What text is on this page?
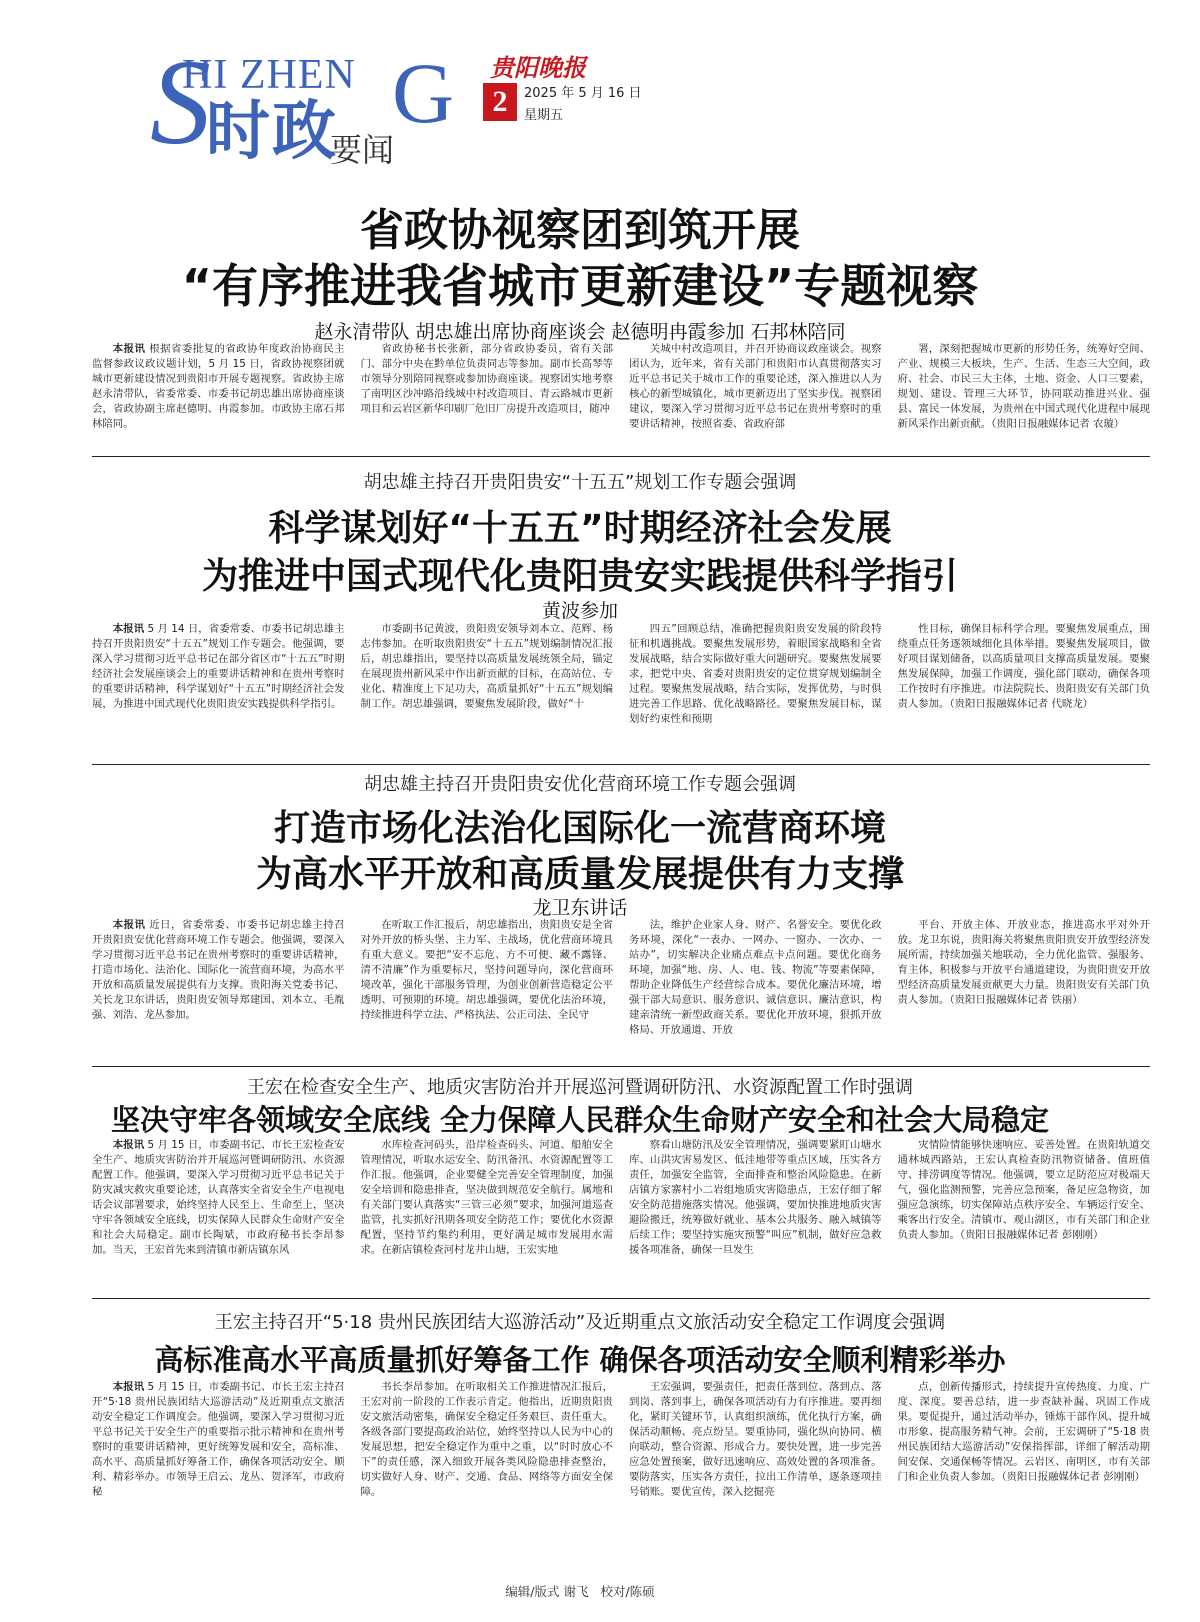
S
HI ZHEN G
时政
要闻
贵阳晚报
2	2025 年 5 月 16 日
星期五
省政协视察团到筑开展
“有序推进我省城市更新建设”专题视察
赵永清带队 胡忠雄出席协商座谈会 赵德明冉霞参加 石邦林陪同
本报讯 根据省委批复的省政协年度政治协商民主监督参政议政议题计划，5 月 15 日，省政协视察团就城市更新建设情况到贵阳市开展专题视察。省政协主席赵永清带队，省委常委、市委书记胡忠雄出席协商座谈会，省政协副主席赵德明、冉霞参加。市政协主席石邦林陪同。
省政协秘书长张新，部分省政协委员，省有关部门、部分中央在黔单位负责同志等参加。副市长高琴等市领导分别陪同视察或参加协商座谈。视察团实地考察了南明区沙冲路沿线城中村改造项目、青云路城市更新项目和云岩区新华印刷厂危旧厂房提升改造项目，随冲
关城中村改造项目，并召开协商议政座谈会。视察团认为，近年来，省有关部门和贵阳市认真贯彻落实习近平总书记关于城市工作的重要论述，深入推进以人为核心的新型城镇化，城市更新迈出了坚实步伐。视察团建议，要深入学习贯彻习近平总书记在贵州考察时的重要讲话精神，按照省委、省政府部
署，深刻把握城市更新的形势任务，统筹好空间、产业、规模三大板块，生产、生活、生态三大空间，政府、社会、市民三大主体，土地、资金、人口三要素，规划、建设、管理三大环节，协同联动推进兴业、强县、富民一体发展，为贵州在中国式现代化进程中展现新风采作出新贡献。（贵阳日报融媒体记者 农璇）
胡忠雄主持召开贵阳贵安“十五五”规划工作专题会强调
科学谋划好“十五五”时期经济社会发展
为推进中国式现代化贵阳贵安实践提供科学指引
黄波参加
本报讯 5 月 14 日，省委常委、市委书记胡忠雄主持召开贵阳贵安“十五五”规划工作专题会。他强调，要深入学习贯彻习近平总书记在部分省区市“十五五”时期经济社会发展座谈会上的重要讲话精神和在贵州考察时的重要讲话精神，科学谋划好“十五五”时期经济社会发展，为推进中国式现代化贵阳贵安实践提供科学指引。
市委副书记黄波，贵阳贵安领导刘本立、范辉、杨志伟参加。在听取贵阳贵安“十五五”规划编制情况汇报后，胡忠雄指出，要坚持以高质量发展统领全局，锚定在展现贵州新风采中作出新贡献的目标，在高站位、专业化、精准度上下足功夫，高质量抓好“十五五”规划编制工作。胡忠雄强调，要聚焦发展阶段，做好“十
四五”回顾总结，准确把握贵阳贵安发展的阶段特征和机遇挑战。要聚焦发展形势，着眼国家战略和全省发展战略，结合实际做好重大问题研究。要聚焦发展要求，把党中央、省委对贵阳贵安的定位贯穿规划编制全过程。要聚焦发展战略，结合实际，发挥优势，与时俱进完善工作思路、优化战略路径。要聚焦发展目标，谋划好约束性和预期
性目标，确保目标科学合理。要聚焦发展重点，围绕重点任务逐领域细化具体举措。要聚焦发展项目，做好项目谋划储备，以高质量项目支撑高质量发展。要聚焦发展保障，加强工作调度，强化部门联动，确保各项工作按时有序推进。市法院院长、贵阳贵安有关部门负责人参加。（贵阳日报融媒体记者 代晓龙）
胡忠雄主持召开贵阳贵安优化营商环境工作专题会强调
打造市场化法治化国际化一流营商环境
为高水平开放和高质量发展提供有力支撑
龙卫东讲话
本报讯 近日，省委常委、市委书记胡忠雄主持召开贵阳贵安优化营商环境工作专题会。他强调，要深入学习贯彻习近平总书记在贵州考察时的重要讲话精神，打造市场化、法治化、国际化一流营商环境，为高水平开放和高质量发展提供有力支撑。贵阳海关党委书记、关长龙卫东讲话，贵阳贵安领导郑建国、刘本立、毛胤强、刘浩、龙丛参加。
在听取工作汇报后，胡忠雄指出，贵阳贵安是全省对外开放的桥头堡、主力军、主战场，优化营商环境具有重大意义。要把“安不忘危、方不可便、藏不露锋、清不清廉”作为重要标尺，坚持问题导向，深化营商环境改革，强化干部服务管理，为创业创新营造稳定公平透明、可预期的环境。胡忠雄强调，要优化法治环境，持续推进科学立法、严格执法、公正司法、全民守
法，维护企业家人身、财产、名誉安全。要优化政务环境，深化“一表办、一网办、一窗办、一次办、一站办”，切实解决企业痛点难点卡点问题。要优化商务环境，加强“地、房、人、电、钱、物流”等要素保障，帮助企业降低生产经营综合成本。要优化廉洁环境，增强干部大局意识、服务意识、诚信意识、廉洁意识，构建亲清统一新型政商关系。要优化开放环境，狠抓开放格局、开放通道、开放
平台、开放主体、开放业态，推进高水平对外开放。龙卫东说，贵阳海关将聚焦贵阳贵安开放型经济发展所需，持续加强关地联动，全力优化监管、强服务、育主体，积极参与开放平台通道建设，为贵阳贵安开放型经济高质量发展贡献更大力量。贵阳贵安有关部门负责人参加。（贵阳日报融媒体记者 铁丽）
王宏在检查安全生产、地质灾害防治并开展巡河暨调研防汛、水资源配置工作时强调
坚决守牢各领域安全底线 全力保障人民群众生命财产安全和社会大局稳定
本报讯 5 月 15 日，市委副书记、市长王宏检查安全生产、地质灾害防治并开展巡河暨调研防汛、水资源配置工作。他强调，要深入学习贯彻习近平总书记关于防灾减灾救灾重要论述，认真落实全省安全生产电视电话会议部署要求，始终坚持人民至上、生命至上，坚决守牢各领域安全底线，切实保障人民群众生命财产安全和社会大局稳定。副市长陶斌，市政府秘书长李昂参加。当天，王宏首先来到清镇市新店镇东风
水库检查河码头，沿岸检查码头、河道、船舶安全管理情况，听取水运安全、防汛备汛、水资源配置等工作汇报。他强调，企业要健全完善安全管理制度，加强安全培训和隐患排查，坚决做到规范安全航行。属地和有关部门要认真落实“三管三必须”要求，加强河道巡查监管，扎实抓好汛期各项安全防范工作；要优化水资源配置，坚持节约集约利用，更好满足城市发展用水需求。在新店镇检查河村龙井山塘，王宏实地
察看山塘防汛及安全管理情况，强调要紧盯山塘水库、山洪灾害易发区、低洼地带等重点区域，压实各方责任，加强安全监管，全面排查和整治风险隐患。在新店镇方家寨村小二岩组地质灾害隐患点，王宏仔细了解安全防范措施落实情况。他强调，要加快推进地质灾害避险搬迁，统筹做好就业、基本公共服务、融入城镇等后续工作；要坚持实施灾预警“叫应”机制，做好应急救援各项准备，确保一旦发生
灾情险情能够快速响应、妥善处置。在贵阳轨道交通林城西路站，王宏认真检查防汛物资储备、值班值守、排涝调度等情况。他强调，要立足防范应对极端天气，强化监测预警，完善应急预案，备足应急物资，加强应急演练，切实保障站点秩序安全、车辆运行安全、乘客出行安全。清镇市、观山湖区，市有关部门和企业负责人参加。（贵阳日报融媒体记者 彭刚刚）
王宏主持召开“5·18 贵州民族团结大巡游活动”及近期重点文旅活动安全稳定工作调度会强调
高标准高水平高质量抓好筹备工作 确保各项活动安全顺利精彩举办
本报讯 5 月 15 日，市委副书记、市长王宏主持召开“5·18 贵州民族团结大巡游活动”及近期重点文旅活动安全稳定工作调度会。他强调，要深入学习贯彻习近平总书记关于安全生产的重要指示批示精神和在贵州考察时的重要讲话精神，更好统筹发展和安全，高标准、高水平、高质量抓好筹备工作，确保各项活动安全、顺利、精彩举办。市领导王启云、龙丛、贺泽军，市政府秘
书长李昂参加。在听取相关工作推进情况汇报后，王宏对前一阶段的工作表示肯定。他指出，近期贵阳贵安文旅活动密集，确保安全稳定任务艰巨、责任重大。各级各部门要提高政治站位，始终坚持以人民为中心的发展思想，把安全稳定作为重中之重，以“时时放心不下”的责任感，深入细致开展各类风险隐患排查整治，切实做好人身、财产、交通、食品、网络等方面安全保障。
王宏强调，要强责任，把责任落到位、落到点、落到岗、落到事上，确保各项活动有力有序推进。要再细化，紧盯关键环节，认真组织演练，优化执行方案，确保活动顺畅、亮点纷呈。要重协同，强化纵向协同、横向联动，整合资源、形成合力。要快处置，进一步完善应急处置预案，做好迅速响应、高效处置的各项准备。要防落实，压实各方责任，拉出工作清单，逐条逐项挂号销账。要优宣传，深入挖掘亮
点，创新传播形式，持续提升宣传热度、力度、广度、深度。要善总结，进一步查缺补漏、巩固工作成果。要促提升，通过活动举办，锤炼干部作风、提升城市形象、提高服务精气神。会前，王宏调研了“5·18 贵州民族团结大巡游活动”安保指挥部，详细了解活动期间安保、交通保畅等情况。云岩区、南明区，市有关部门和企业负责人参加。（贵阳日报融媒体记者 彭刚刚）
编辑/版式 谢飞 校对/陈硕
